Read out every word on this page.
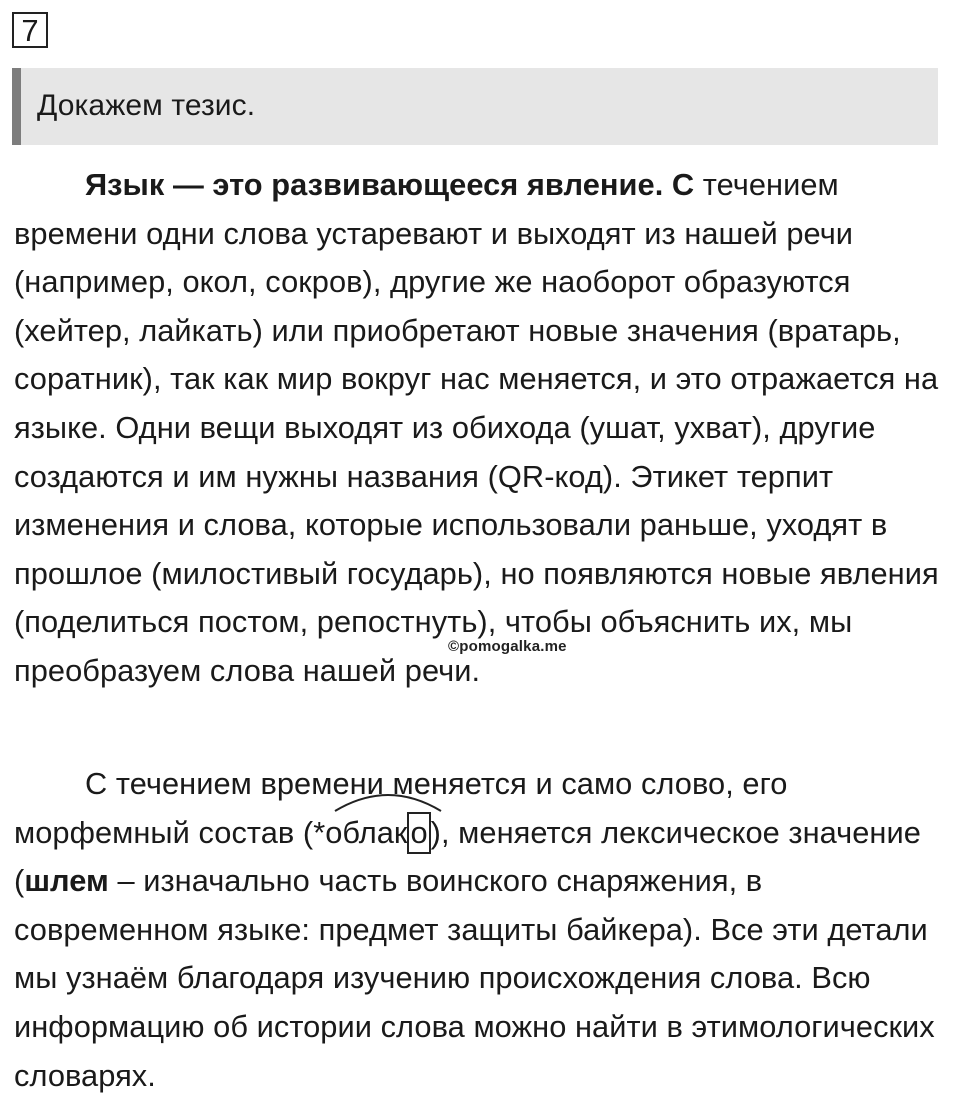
7
Докажем тезис.
Язык — это развивающееся явление. С течением времени одни слова устаревают и выходят из нашей речи (например, окол, сокров), другие же наоборот образуются (хейтер, лайкать) или приобретают новые значения (вратарь, соратник), так как мир вокруг нас меняется, и это отражается на языке. Одни вещи выходят из обихода (ушат, ухват), другие создаются и им нужны названия (QR-код). Этикет терпит изменения и слова, которые использовали раньше, уходят в прошлое (милостивый государь), но появляются новые явления (поделиться постом, репостнуть), чтобы объяснить их, мы преобразуем слова нашей речи.
©pomogalka.me
С течением времени меняется и само слово, его морфемный состав (
*облако), меняется лексическое значение (шлем – изначально часть воинского снаряжения, в современном языке: предмет защиты байкера). Все эти детали мы узнаём благодаря изучению происхождения слова. Всю информацию об истории слова можно найти в этимологических словарях.
